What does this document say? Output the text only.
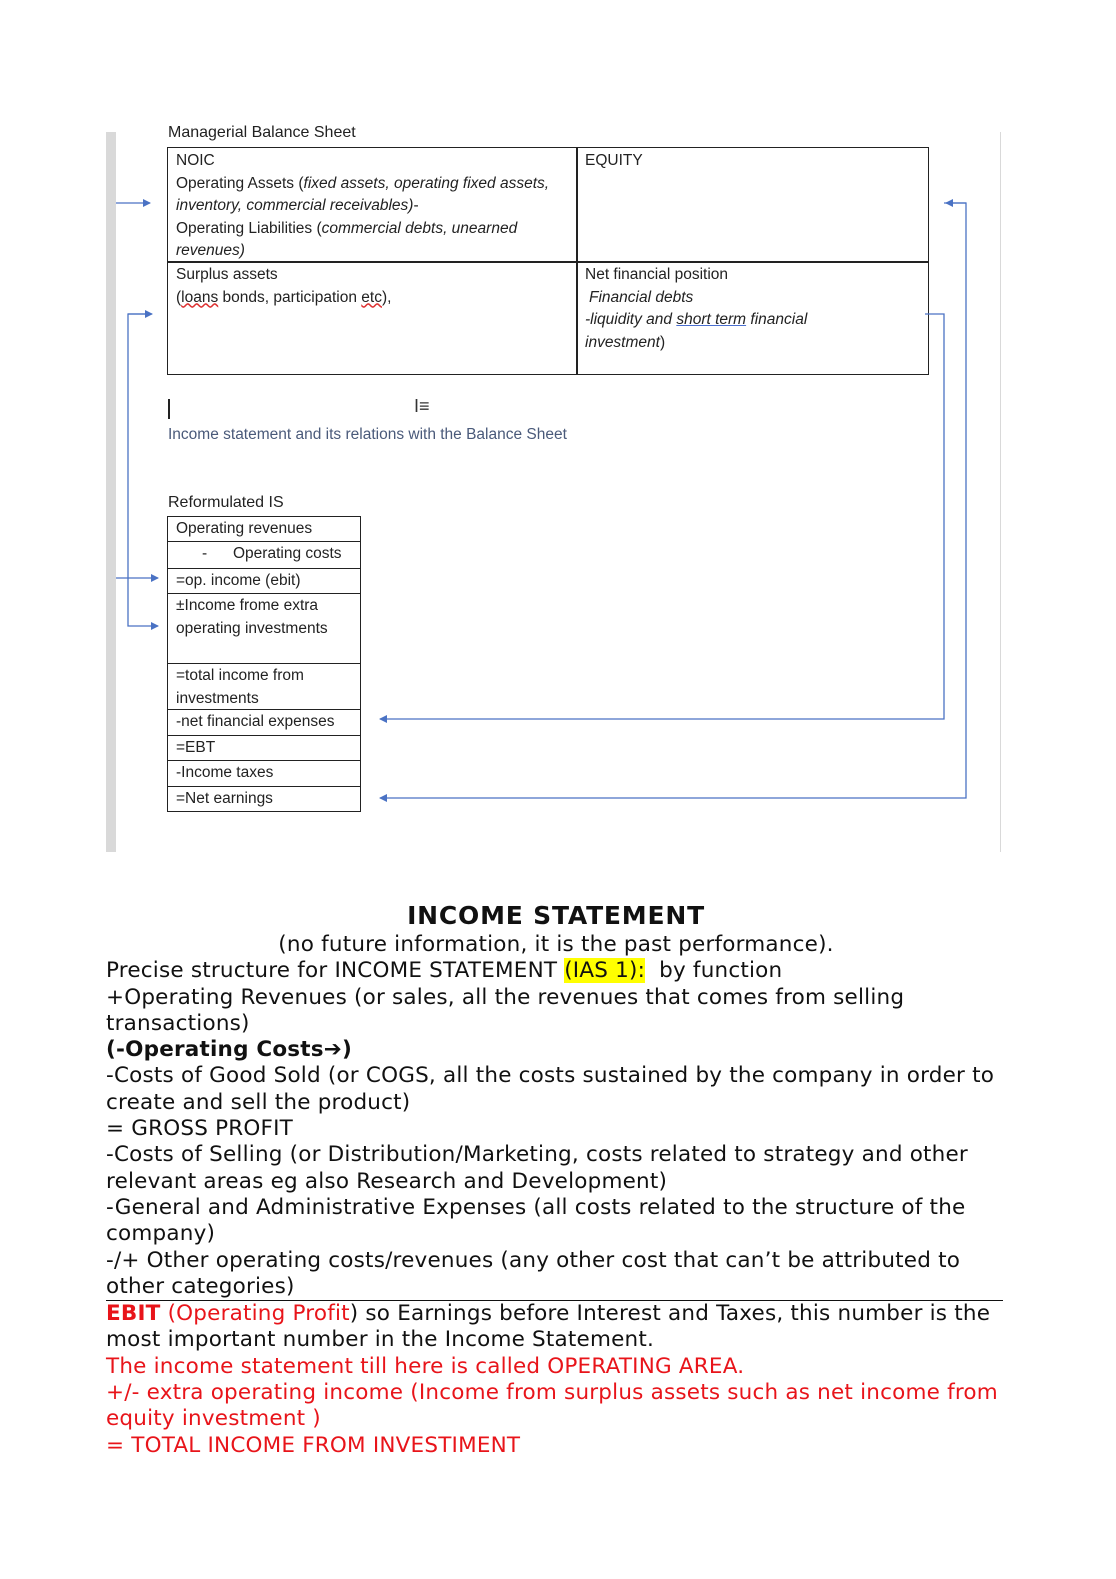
Managerial Balance Sheet
NOIC
Operating Assets (fixed assets, operating fixed assets, inventory, commercial receivables)-
Operating Liabilities (commercial debts, unearned revenues)
EQUITY
Surplus assets
(loans bonds, participation etc),
Net financial position
Financial debts
-liquidity and short term financial
investment)
I≡
Income statement and its relations with the Balance Sheet
Reformulated IS
Operating revenues
-      Operating costs
=op. income (ebit)
±Income frome extra operating investments
=total income from investments
-net financial expenses
=EBT
-Income taxes
=Net earnings
INCOME STATEMENT
(no future information, it is the past performance).
Precise structure for INCOME STATEMENT (IAS 1):  by function
+Operating Revenues (or sales, all the revenues that comes from selling transactions)
(-Operating Costs➔)
-Costs of Good Sold (or COGS, all the costs sustained by the company in order to create and sell the product)
= GROSS PROFIT
-Costs of Selling (or Distribution/Marketing, costs related to strategy and other relevant areas eg also Research and Development)
-General and Administrative Expenses (all costs related to the structure of the company)
-/+ Other operating costs/revenues (any other cost that can’t be attributed to other categories)
EBIT (Operating Profit) so Earnings before Interest and Taxes, this number is the most important number in the Income Statement.
The income statement till here is called OPERATING AREA.
+/- extra operating income (Income from surplus assets such as net income from equity investment )
= TOTAL INCOME FROM INVESTIMENT
